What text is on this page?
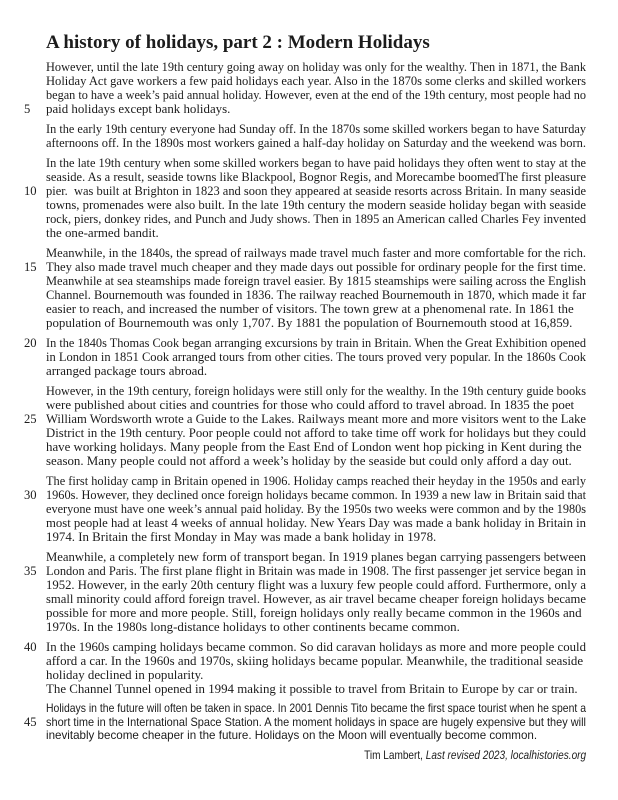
A history of holidays, part 2 : Modern Holidays
However, until the late 19th century going away on holiday was only for the wealthy. Then in 1871, the Bank
Holiday Act gave workers a few paid holidays each year. Also in the 1870s some clerks and skilled workers
began to have a week’s paid annual holiday. However, even at the end of the 19th century, most people had no
5 paid holidays except bank holidays.
In the early 19th century everyone had Sunday off. In the 1870s some skilled workers began to have Saturday
afternoons off. In the 1890s most workers gained a half-day holiday on Saturday and the weekend was born.
In the late 19th century when some skilled workers began to have paid holidays they often went to stay at the
seaside. As a result, seaside towns like Blackpool, Bognor Regis, and Morecambe boomedThe first pleasure
10 pier.  was built at Brighton in 1823 and soon they appeared at seaside resorts across Britain. In many seaside
towns, promenades were also built. In the late 19th century the modern seaside holiday began with seaside
rock, piers, donkey rides, and Punch and Judy shows. Then in 1895 an American called Charles Fey invented
the one-armed bandit.
Meanwhile, in the 1840s, the spread of railways made travel much faster and more comfortable for the rich.
15 They also made travel much cheaper and they made days out possible for ordinary people for the first time.
Meanwhile at sea steamships made foreign travel easier. By 1815 steamships were sailing across the English
Channel. Bournemouth was founded in 1836. The railway reached Bournemouth in 1870, which made it far
easier to reach, and increased the number of visitors. The town grew at a phenomenal rate. In 1861 the
population of Bournemouth was only 1,707. By 1881 the population of Bournemouth stood at 16,859.
20 In the 1840s Thomas Cook began arranging excursions by train in Britain. When the Great Exhibition opened
in London in 1851 Cook arranged tours from other cities. The tours proved very popular. In the 1860s Cook
arranged package tours abroad.
However, in the 19th century, foreign holidays were still only for the wealthy. In the 19th century guide books
were published about cities and countries for those who could afford to travel abroad. In 1835 the poet
25 William Wordsworth wrote a Guide to the Lakes. Railways meant more and more visitors went to the Lake
District in the 19th century. Poor people could not afford to take time off work for holidays but they could
have working holidays. Many people from the East End of London went hop picking in Kent during the
season. Many people could not afford a week’s holiday by the seaside but could only afford a day out.
The first holiday camp in Britain opened in 1906. Holiday camps reached their heyday in the 1950s and early
30 1960s. However, they declined once foreign holidays became common. In 1939 a new law in Britain said that
everyone must have one week’s annual paid holiday. By the 1950s two weeks were common and by the 1980s
most people had at least 4 weeks of annual holiday. New Years Day was made a bank holiday in Britain in
1974. In Britain the first Monday in May was made a bank holiday in 1978.
Meanwhile, a completely new form of transport began. In 1919 planes began carrying passengers between
35 London and Paris. The first plane flight in Britain was made in 1908. The first passenger jet service began in
1952. However, in the early 20th century flight was a luxury few people could afford. Furthermore, only a
small minority could afford foreign travel. However, as air travel became cheaper foreign holidays became
possible for more and more people. Still, foreign holidays only really became common in the 1960s and
1970s. In the 1980s long-distance holidays to other continents became common.
40 In the 1960s camping holidays became common. So did caravan holidays as more and more people could
afford a car. In the 1960s and 1970s, skiing holidays became popular. Meanwhile, the traditional seaside
holiday declined in popularity.
The Channel Tunnel opened in 1994 making it possible to travel from Britain to Europe by car or train.
Holidays in the future will often be taken in space. In 2001 Dennis Tito became the first space tourist when he spent a
45 short time in the International Space Station. A the moment holidays in space are hugely expensive but they will
inevitably become cheaper in the future. Holidays on the Moon will eventually become common.
Tim Lambert, Last revised 2023, localhistories.org
